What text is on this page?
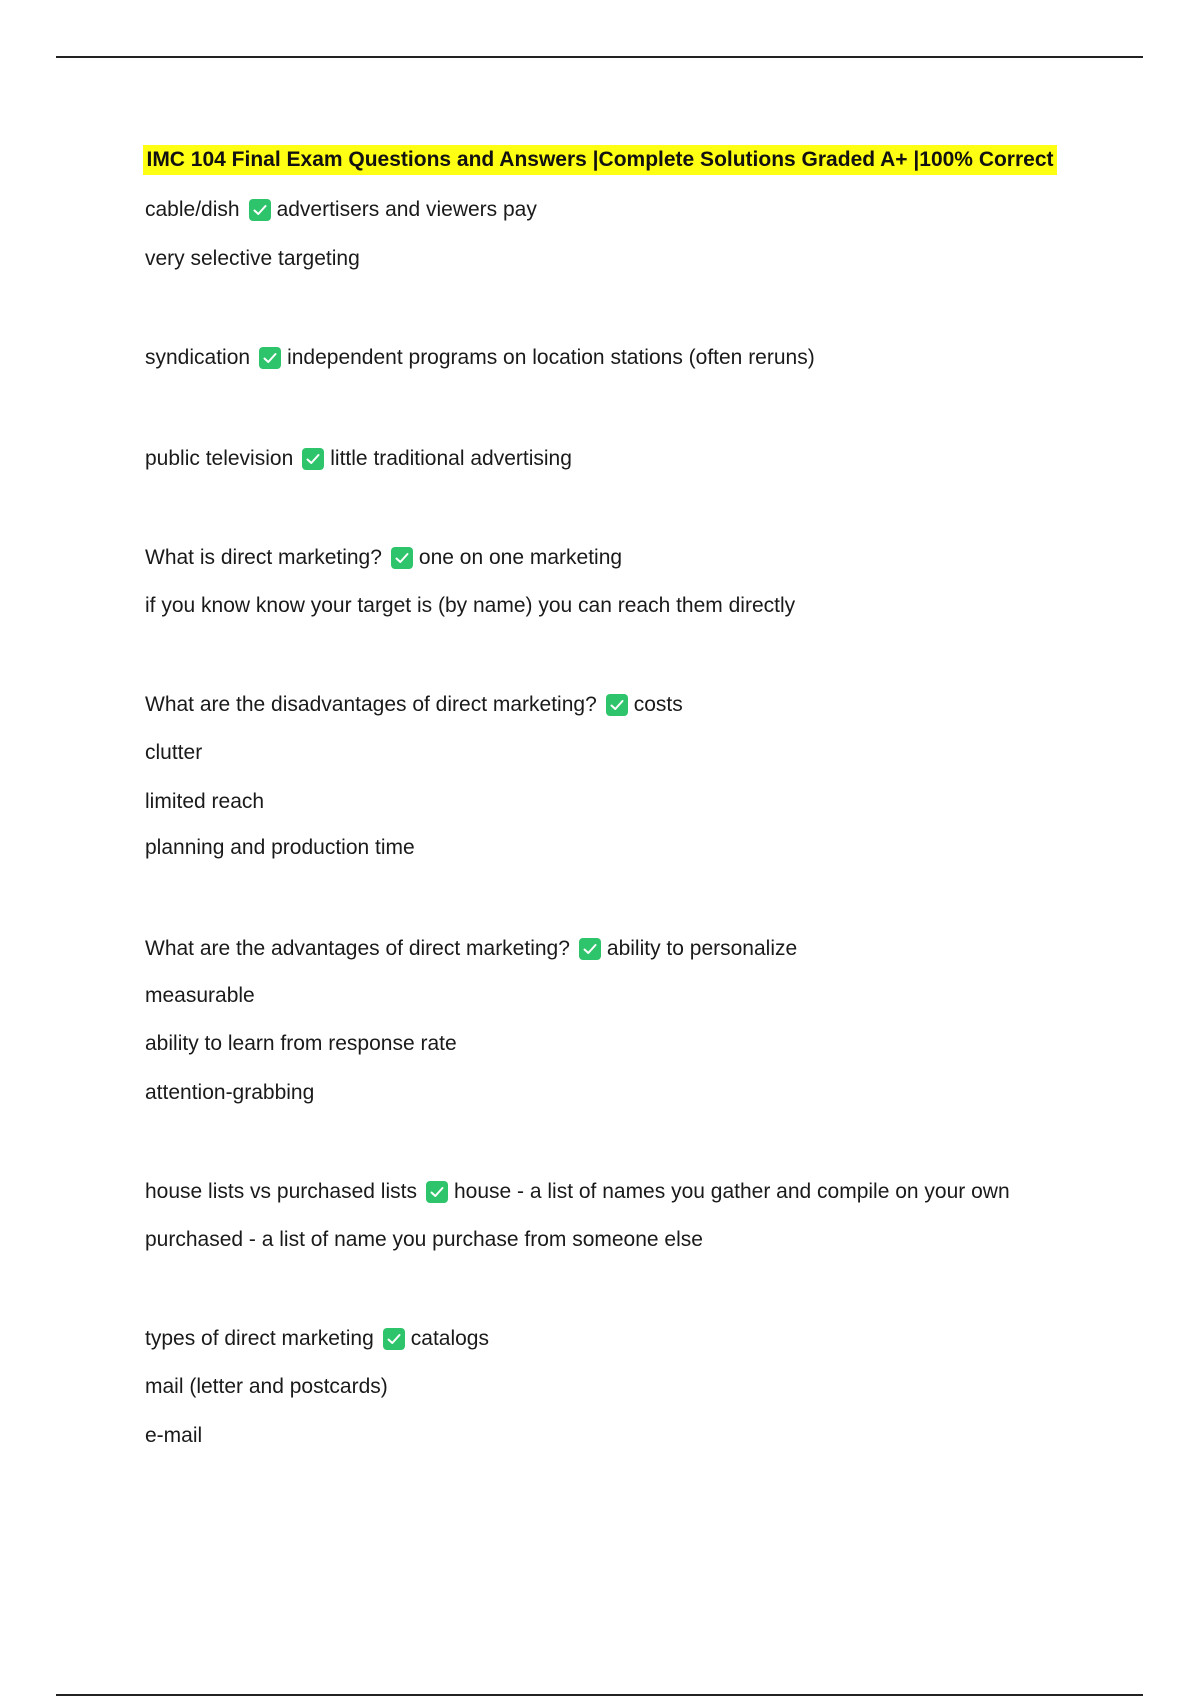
IMC 104 Final Exam Questions and Answers |Complete Solutions Graded A+ |100% Correct
cable/dish advertisers and viewers pay
very selective targeting
syndication independent programs on location stations (often reruns)
public television little traditional advertising
What is direct marketing? one on one marketing
if you know know your target is (by name) you can reach them directly
What are the disadvantages of direct marketing? costs
clutter
limited reach
planning and production time
What are the advantages of direct marketing? ability to personalize
measurable
ability to learn from response rate
attention-grabbing
house lists vs purchased lists house - a list of names you gather and compile on your own
purchased - a list of name you purchase from someone else
types of direct marketing catalogs
mail (letter and postcards)
e-mail
